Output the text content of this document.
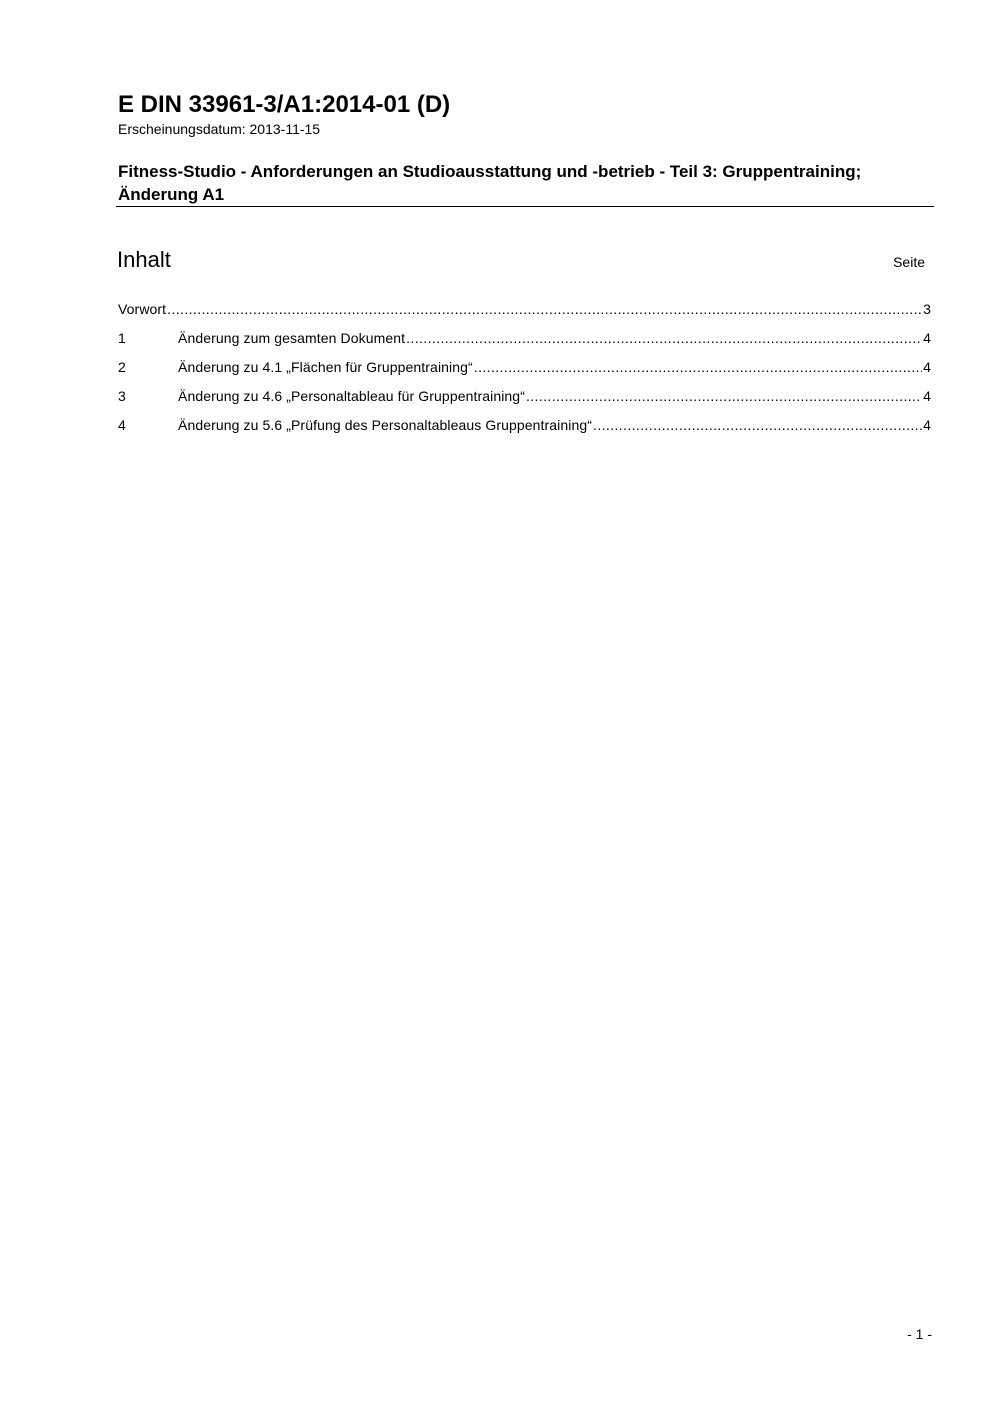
E DIN 33961-3/A1:2014-01 (D)
Erscheinungsdatum: 2013-11-15
Fitness-Studio - Anforderungen an Studioausstattung und -betrieb - Teil 3: Gruppentraining; Änderung A1
Inhalt	Seite
Vorwort .....	3
1	Änderung zum gesamten Dokument .....	4
2	Änderung zu 4.1 „Flächen für Gruppentraining“ .....	4
3	Änderung zu 4.6 „Personaltableau für Gruppentraining“ .....	4
4	Änderung zu 5.6 „Prüfung des Personaltableaus Gruppentraining“ .....	4
- 1 -
